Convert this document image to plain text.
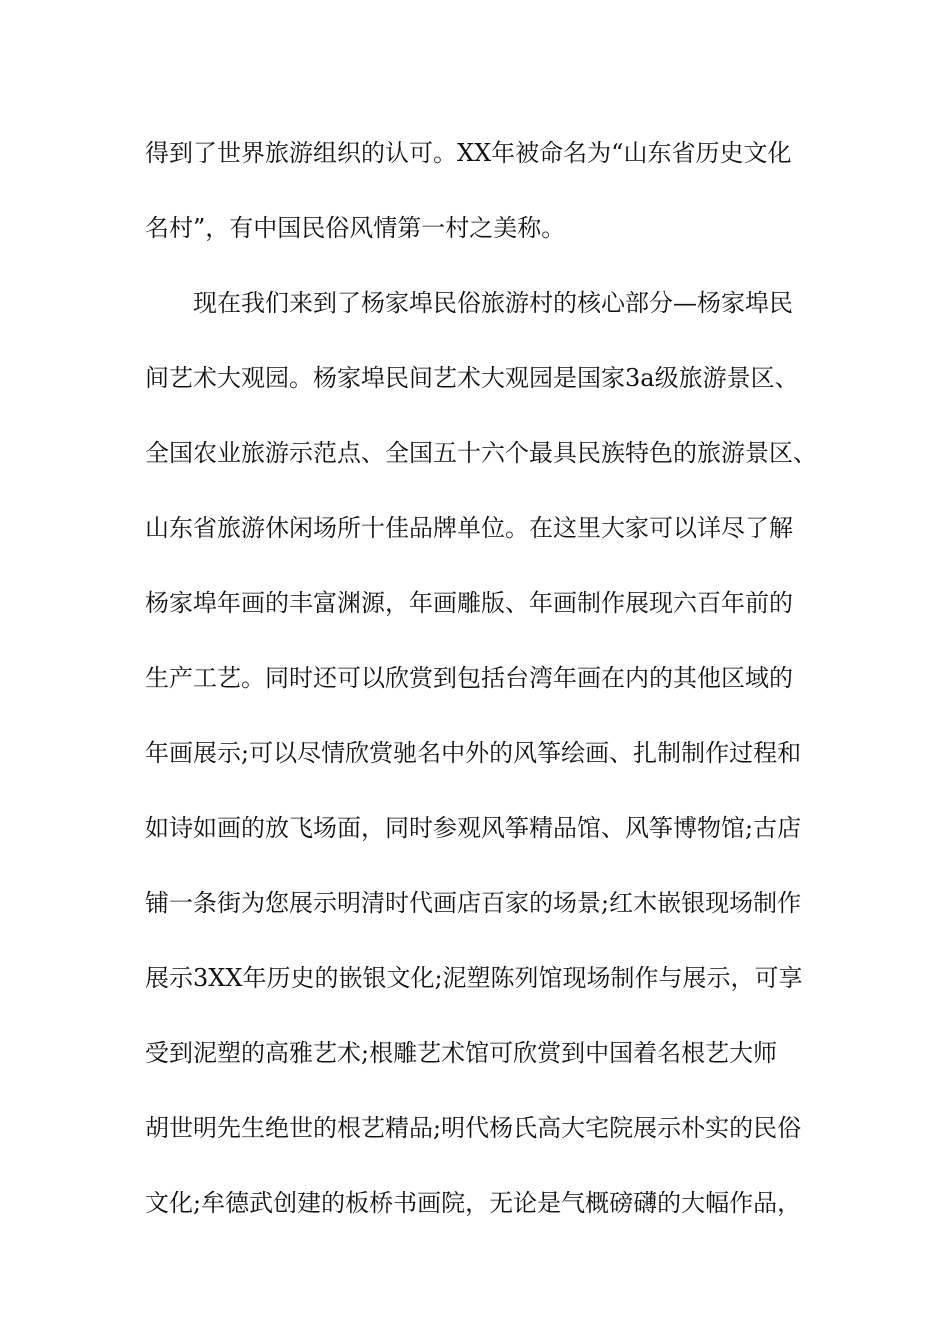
得到了世界旅游组织的认可。XX年被命名为“山东省历史文化

名村”，有中国民俗风情第一村之美称。

现在我们来到了杨家埠民俗旅游村的核心部分—杨家埠民

间艺术大观园。杨家埠民间艺术大观园是国家3a级旅游景区、

全国农业旅游示范点、全国五十六个最具民族特色的旅游景区、

山东省旅游休闲场所十佳品牌单位。在这里大家可以详尽了解

杨家埠年画的丰富渊源，年画雕版、年画制作展现六百年前的

生产工艺。同时还可以欣赏到包括台湾年画在内的其他区域的

年画展示;可以尽情欣赏驰名中外的风筝绘画、扎制制作过程和

如诗如画的放飞场面，同时参观风筝精品馆、风筝博物馆;古店

铺一条街为您展示明清时代画店百家的场景;红木嵌银现场制作

展示3XX年历史的嵌银文化;泥塑陈列馆现场制作与展示，可享

受到泥塑的高雅艺术;根雕艺术馆可欣赏到中国着名根艺大师

胡世明先生绝世的根艺精品;明代杨氏高大宅院展示朴实的民俗

文化;牟德武创建的板桥书画院，无论是气概磅礴的大幅作品，
